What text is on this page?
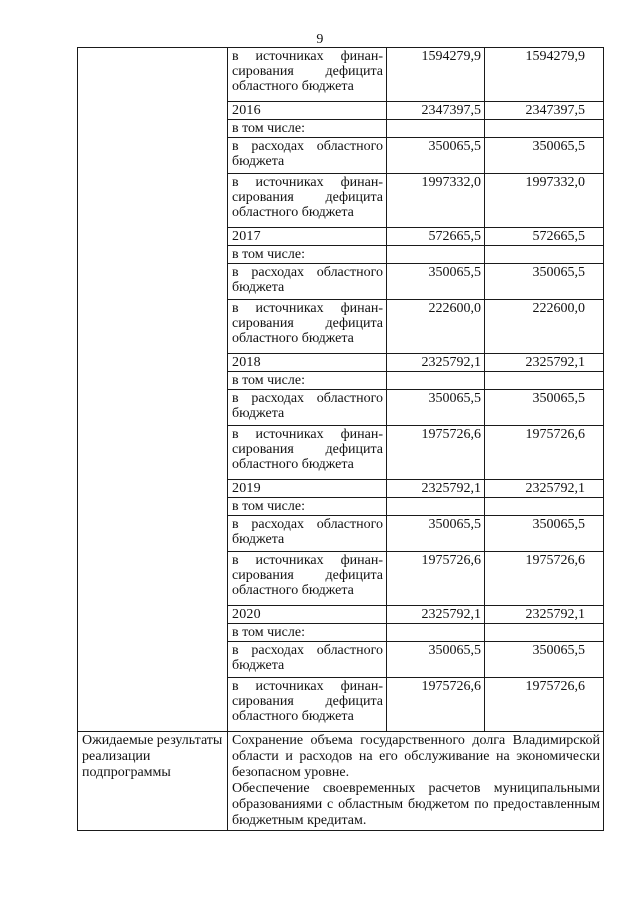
9
	в источниках финан-сирования дефицита областного бюджета	1594279,9	1594279,9
	2016	2347397,5	2347397,5
	в том числе:		
	в расходах областного бюджета	350065,5	350065,5
	в источниках финан-сирования дефицита областного бюджета	1997332,0	1997332,0
	2017	572665,5	572665,5
	в том числе:		
	в расходах областного бюджета	350065,5	350065,5
	в источниках финан-сирования дефицита областного бюджета	222600,0	222600,0
	2018	2325792,1	2325792,1
	в том числе:		
	в расходах областного бюджета	350065,5	350065,5
	в источниках финан-сирования дефицита областного бюджета	1975726,6	1975726,6
	2019	2325792,1	2325792,1
	в том числе:		
	в расходах областного бюджета	350065,5	350065,5
	в источниках финан-сирования дефицита областного бюджета	1975726,6	1975726,6
	2020	2325792,1	2325792,1
	в том числе:		
	в расходах областного бюджета	350065,5	350065,5
	в источниках финан-сирования дефицита областного бюджета	1975726,6	1975726,6
Ожидаемые результаты реализации подпрограммы	Сохранение объема государственного долга Владимирской области и расходов на его обслуживание на экономически безопасном уровне.
Обеспечение своевременных расчетов муниципальными образованиями с областным бюджетом по предоставленным бюджетным кредитам.		
